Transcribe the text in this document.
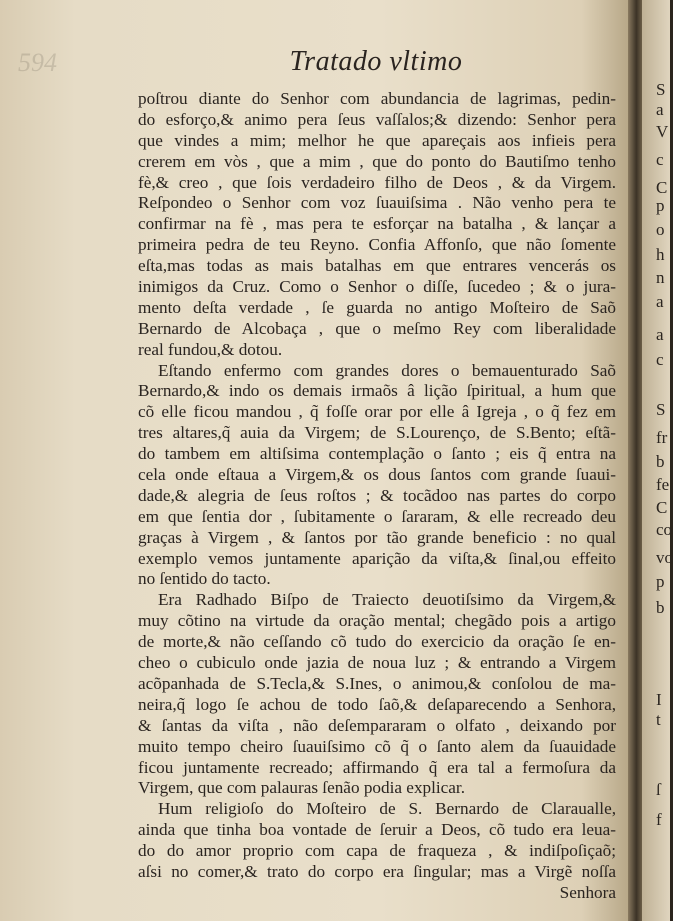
S
a
V
c
C
p
o
h
n
a
a
c
S
fr
b
fe
C
co
vo
p
b
I
t
ſ
f
594	Tratado vltimo
poſtrou diante do Senhor com abundancia de lagrimas, pedin-
do esforço,& animo pera ſeus vaſſalos;& dizendo: Senhor pera
que vindes a mim; melhor he que apareçais aos infieis pera
crerem em vòs , que a mim , que do ponto do Bautiſmo tenho
fè,& creo , que ſois verdadeiro filho de Deos , & da Virgem.
Reſpondeo o Senhor com voz ſuauiſsima . Não venho pera te
confirmar na fè , mas pera te esforçar na batalha , & lançar a
primeira pedra de teu Reyno. Confia Affonſo, que não ſomente
eſta,mas todas as mais batalhas em que entrares vencerás os
inimigos da Cruz. Como o Senhor o diſſe, ſucedeo ; & o jura-
mento deſta verdade , ſe guarda no antigo Moſteiro de Saõ
Bernardo de Alcobaça , que o meſmo Rey com liberalidade
real fundou,& dotou.
Eſtando enfermo com grandes dores o bemauenturado Saõ
Bernardo,& indo os demais irmaõs â lição ſpiritual, a hum que
cõ elle ficou mandou , q̃ foſſe orar por elle â Igreja , o q̃ fez em
tres altares,q̃ auia da Virgem; de S.Lourenço, de S.Bento; eſtã-
do tambem em altiſsima contemplação o ſanto ; eis q̃ entra na
cela onde eſtaua a Virgem,& os dous ſantos com grande ſuaui-
dade,& alegria de ſeus roſtos ; & tocãdoo nas partes do corpo
em que ſentia dor , ſubitamente o ſararam, & elle recreado deu
graças à Virgem , & ſantos por tão grande beneficio : no qual
exemplo vemos juntamente aparição da viſta,& ſinal,ou effeito
no ſentido do tacto.
Era Radhado Biſpo de Traiecto deuotiſsimo da Virgem,&
muy cõtino na virtude da oração mental; chegãdo pois a artigo
de morte,& não ceſſando cõ tudo do exercicio da oração ſe en-
cheo o cubiculo onde jazia de noua luz ; & entrando a Virgem
acõpanhada de S.Tecla,& S.Ines, o animou,& conſolou de ma-
neira,q̃ logo ſe achou de todo ſaõ,& deſaparecendo a Senhora,
& ſantas da viſta , não deſempararam o olfato , deixando por
muito tempo cheiro ſuauiſsimo cõ q̃ o ſanto alem da ſuauidade
ficou juntamente recreado; affirmando q̃ era tal a fermoſura da
Virgem, que com palauras ſenão podia explicar.
Hum religioſo do Moſteiro de S. Bernardo de Claraualle,
ainda que tinha boa vontade de ſeruir a Deos, cõ tudo era leua-
do do amor proprio com capa de fraqueza , & indiſpoſiçaõ;
aſsi no comer,& trato do corpo era ſingular; mas a Virgẽ noſſa
Senhora
